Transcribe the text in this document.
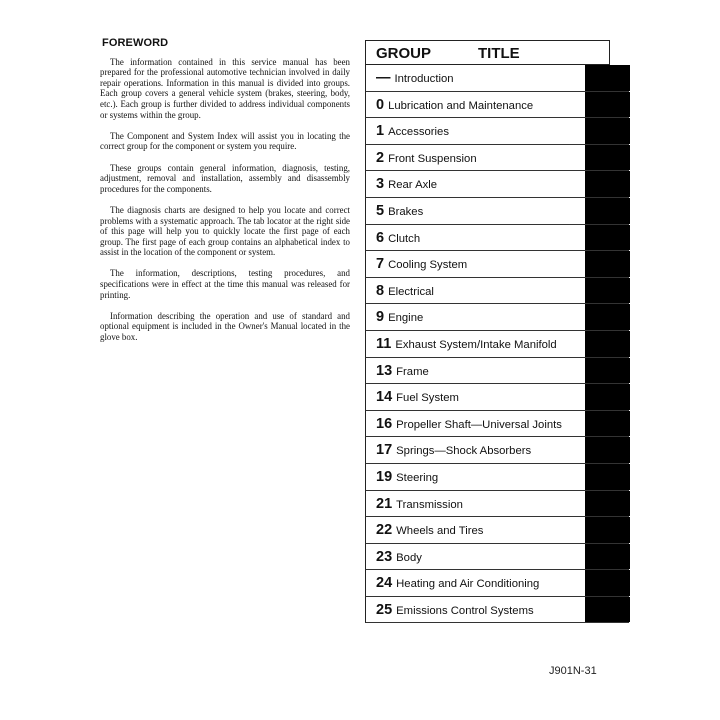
FOREWORD

The information contained in this service manual has been prepared for the professional automotive technician involved in daily repair operations. Information in this manual is divided into groups. Each group covers a general vehicle system (brakes, steering, body, etc.). Each group is further divided to address individual components or systems within the group.

The Component and System Index will assist you in locating the correct group for the component or system you require.

These groups contain general information, diagnosis, testing, adjustment, removal and installation, assembly and disassembly procedures for the components.

The diagnosis charts are designed to help you locate and correct problems with a systematic approach. The tab locator at the right side of this page will help you to quickly locate the first page of each group. The first page of each group contains an alphabetical index to assist in the location of the component or system.

The information, descriptions, testing procedures, and specifications were in effect at the time this manual was released for printing.

Information describing the operation and use of standard and optional equipment is included in the Owner's Manual located in the glove box.

GROUP	TITLE
— Introduction
0 Lubrication and Maintenance
1 Accessories
2 Front Suspension
3 Rear Axle
5 Brakes
6 Clutch
7 Cooling System
8 Electrical
9 Engine
11 Exhaust System/Intake Manifold
13 Frame
14 Fuel System
16 Propeller Shaft—Universal Joints
17 Springs—Shock Absorbers
19 Steering
21 Transmission
22 Wheels and Tires
23 Body
24 Heating and Air Conditioning
25 Emissions Control Systems
J901N-31
